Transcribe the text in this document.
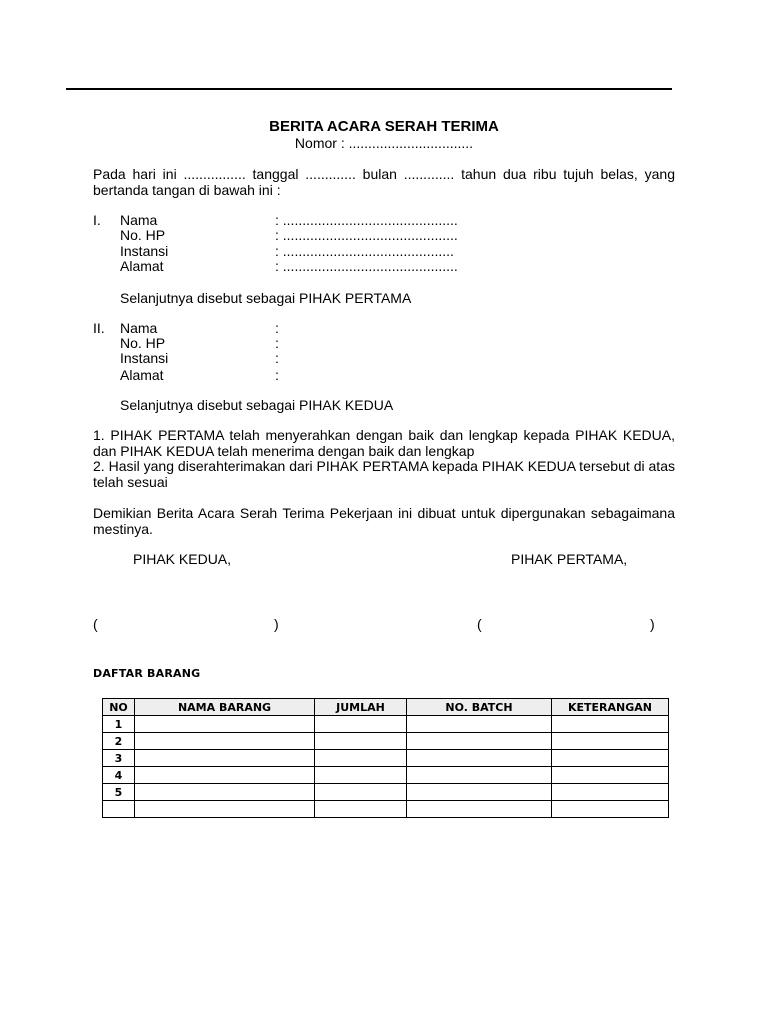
BERITA ACARA SERAH TERIMA
Nomor : ................................
Pada hari ini ................ tanggal ............. bulan ............. tahun dua ribu tujuh belas, yang bertanda tangan di bawah ini :
I. Nama	: .............................................
No. HP	: .............................................
Instansi	: ............................................
Alamat	: .............................................
Selanjutnya disebut sebagai PIHAK PERTAMA
II. Nama	:
No. HP	:
Instansi	:
Alamat	:
Selanjutnya disebut sebagai PIHAK KEDUA
1. PIHAK PERTAMA telah menyerahkan dengan baik dan lengkap kepada PIHAK KEDUA, dan PIHAK KEDUA telah menerima dengan baik dan lengkap
2. Hasil yang diserahterimakan dari PIHAK PERTAMA kepada PIHAK KEDUA tersebut di atas telah sesuai
Demikian Berita Acara Serah Terima Pekerjaan ini dibuat untuk dipergunakan sebagaimana mestinya.
PIHAK KEDUA,	PIHAK PERTAMA,
(	)	(	)
DAFTAR BARANG
NO	NAMA BARANG	JUMLAH	NO. BATCH	KETERANGAN
1				
2				
3				
4				
5				
